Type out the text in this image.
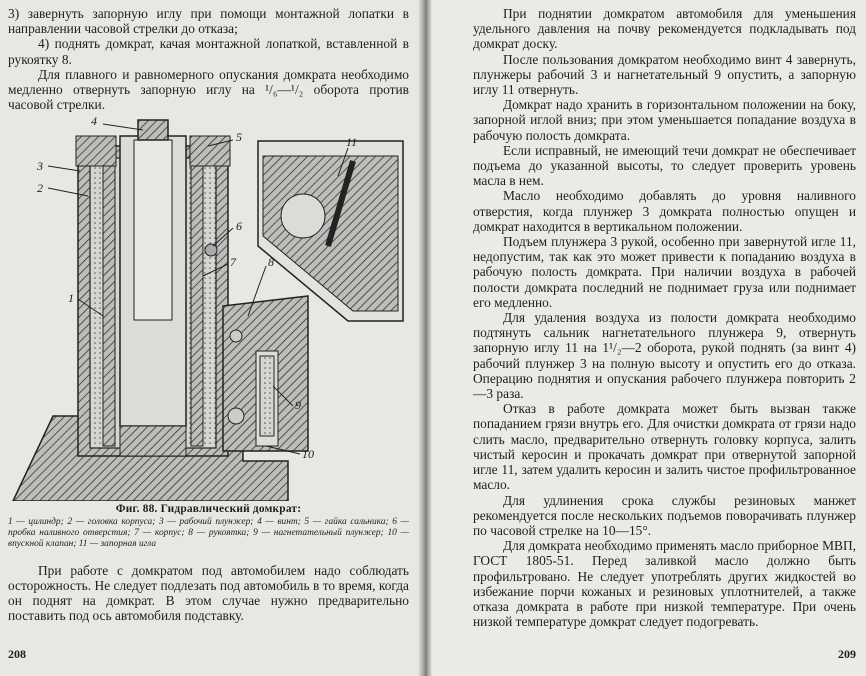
3) завернуть запорную иглу при помощи монтажной лопатки в направлении часовой стрелки до отказа;

4) поднять домкрат, качая монтажной лопаткой, вставленной в рукоятку 8.

Для плавного и равномерного опускания домкрата необходимо медленно отвернуть запорную иглу на ¹/₆—¹/₂ оборота против часовой стрелки.

4
5
3
2
6
7
1
8
11
9
10
Фиг. 88. Гидравлический домкрат:
1 — цилиндр; 2 — головка корпуса; 3 — рабочий плунжер; 4 — винт; 5 — гайка сальника; 6 — пробка наливного отверстия; 7 — корпус; 8 — рукоятка; 9 — нагнетательный плунжер; 10 — впускной клапан; 11 — запорная игла

При работе с домкратом под автомобилем надо соблюдать осторожность. Не следует подлезать под автомобиль в то время, когда он поднят на домкрат. В этом случае нужно предварительно поставить под ось автомобиля подставку.

208

При поднятии домкратом автомобиля для уменьшения удельного давления на почву рекомендуется подкладывать под домкрат доску.

После пользования домкратом необходимо винт 4 завернуть, плунжеры рабочий 3 и нагнетательный 9 опустить, а запорную иглу 11 отвернуть.

Домкрат надо хранить в горизонтальном положении на боку, запорной иглой вниз; при этом уменьшается попадание воздуха в рабочую полость домкрата.

Если исправный, не имеющий течи домкрат не обеспечивает подъема до указанной высоты, то следует проверить уровень масла в нем.

Масло необходимо добавлять до уровня наливного отверстия, когда плунжер 3 домкрата полностью опущен и домкрат находится в вертикальном положении.

Подъем плунжера 3 рукой, особенно при завернутой игле 11, недопустим, так как это может привести к попаданию воздуха в рабочую полость домкрата. При наличии воздуха в рабочей полости домкрата последний не поднимает груза или поднимает его медленно.

Для удаления воздуха из полости домкрата необходимо подтянуть сальник нагнетательного плунжера 9, отвернуть запорную иглу 11 на 1¹/₂—2 оборота, рукой поднять (за винт 4) рабочий плунжер 3 на полную высоту и опустить его до отказа. Операцию поднятия и опускания рабочего плунжера повторить 2—3 раза.

Отказ в работе домкрата может быть вызван также попаданием грязи внутрь его. Для очистки домкрата от грязи надо слить масло, предварительно отвернуть головку корпуса, залить чистый керосин и прокачать домкрат при отвернутой запорной игле 11, затем удалить керосин и залить чистое профильтрованное масло.

Для удлинения срока службы резиновых манжет рекомендуется после нескольких подъемов поворачивать плунжер по часовой стрелке на 10—15°.

Для домкрата необходимо применять масло приборное МВП, ГОСТ 1805-51. Перед заливкой масло должно быть профильтровано. Не следует употреблять других жидкостей во избежание порчи кожаных и резиновых уплотнителей, а также отказа домкрата в работе при низкой температуре. При очень низкой температуре домкрат следует подогревать.

209
